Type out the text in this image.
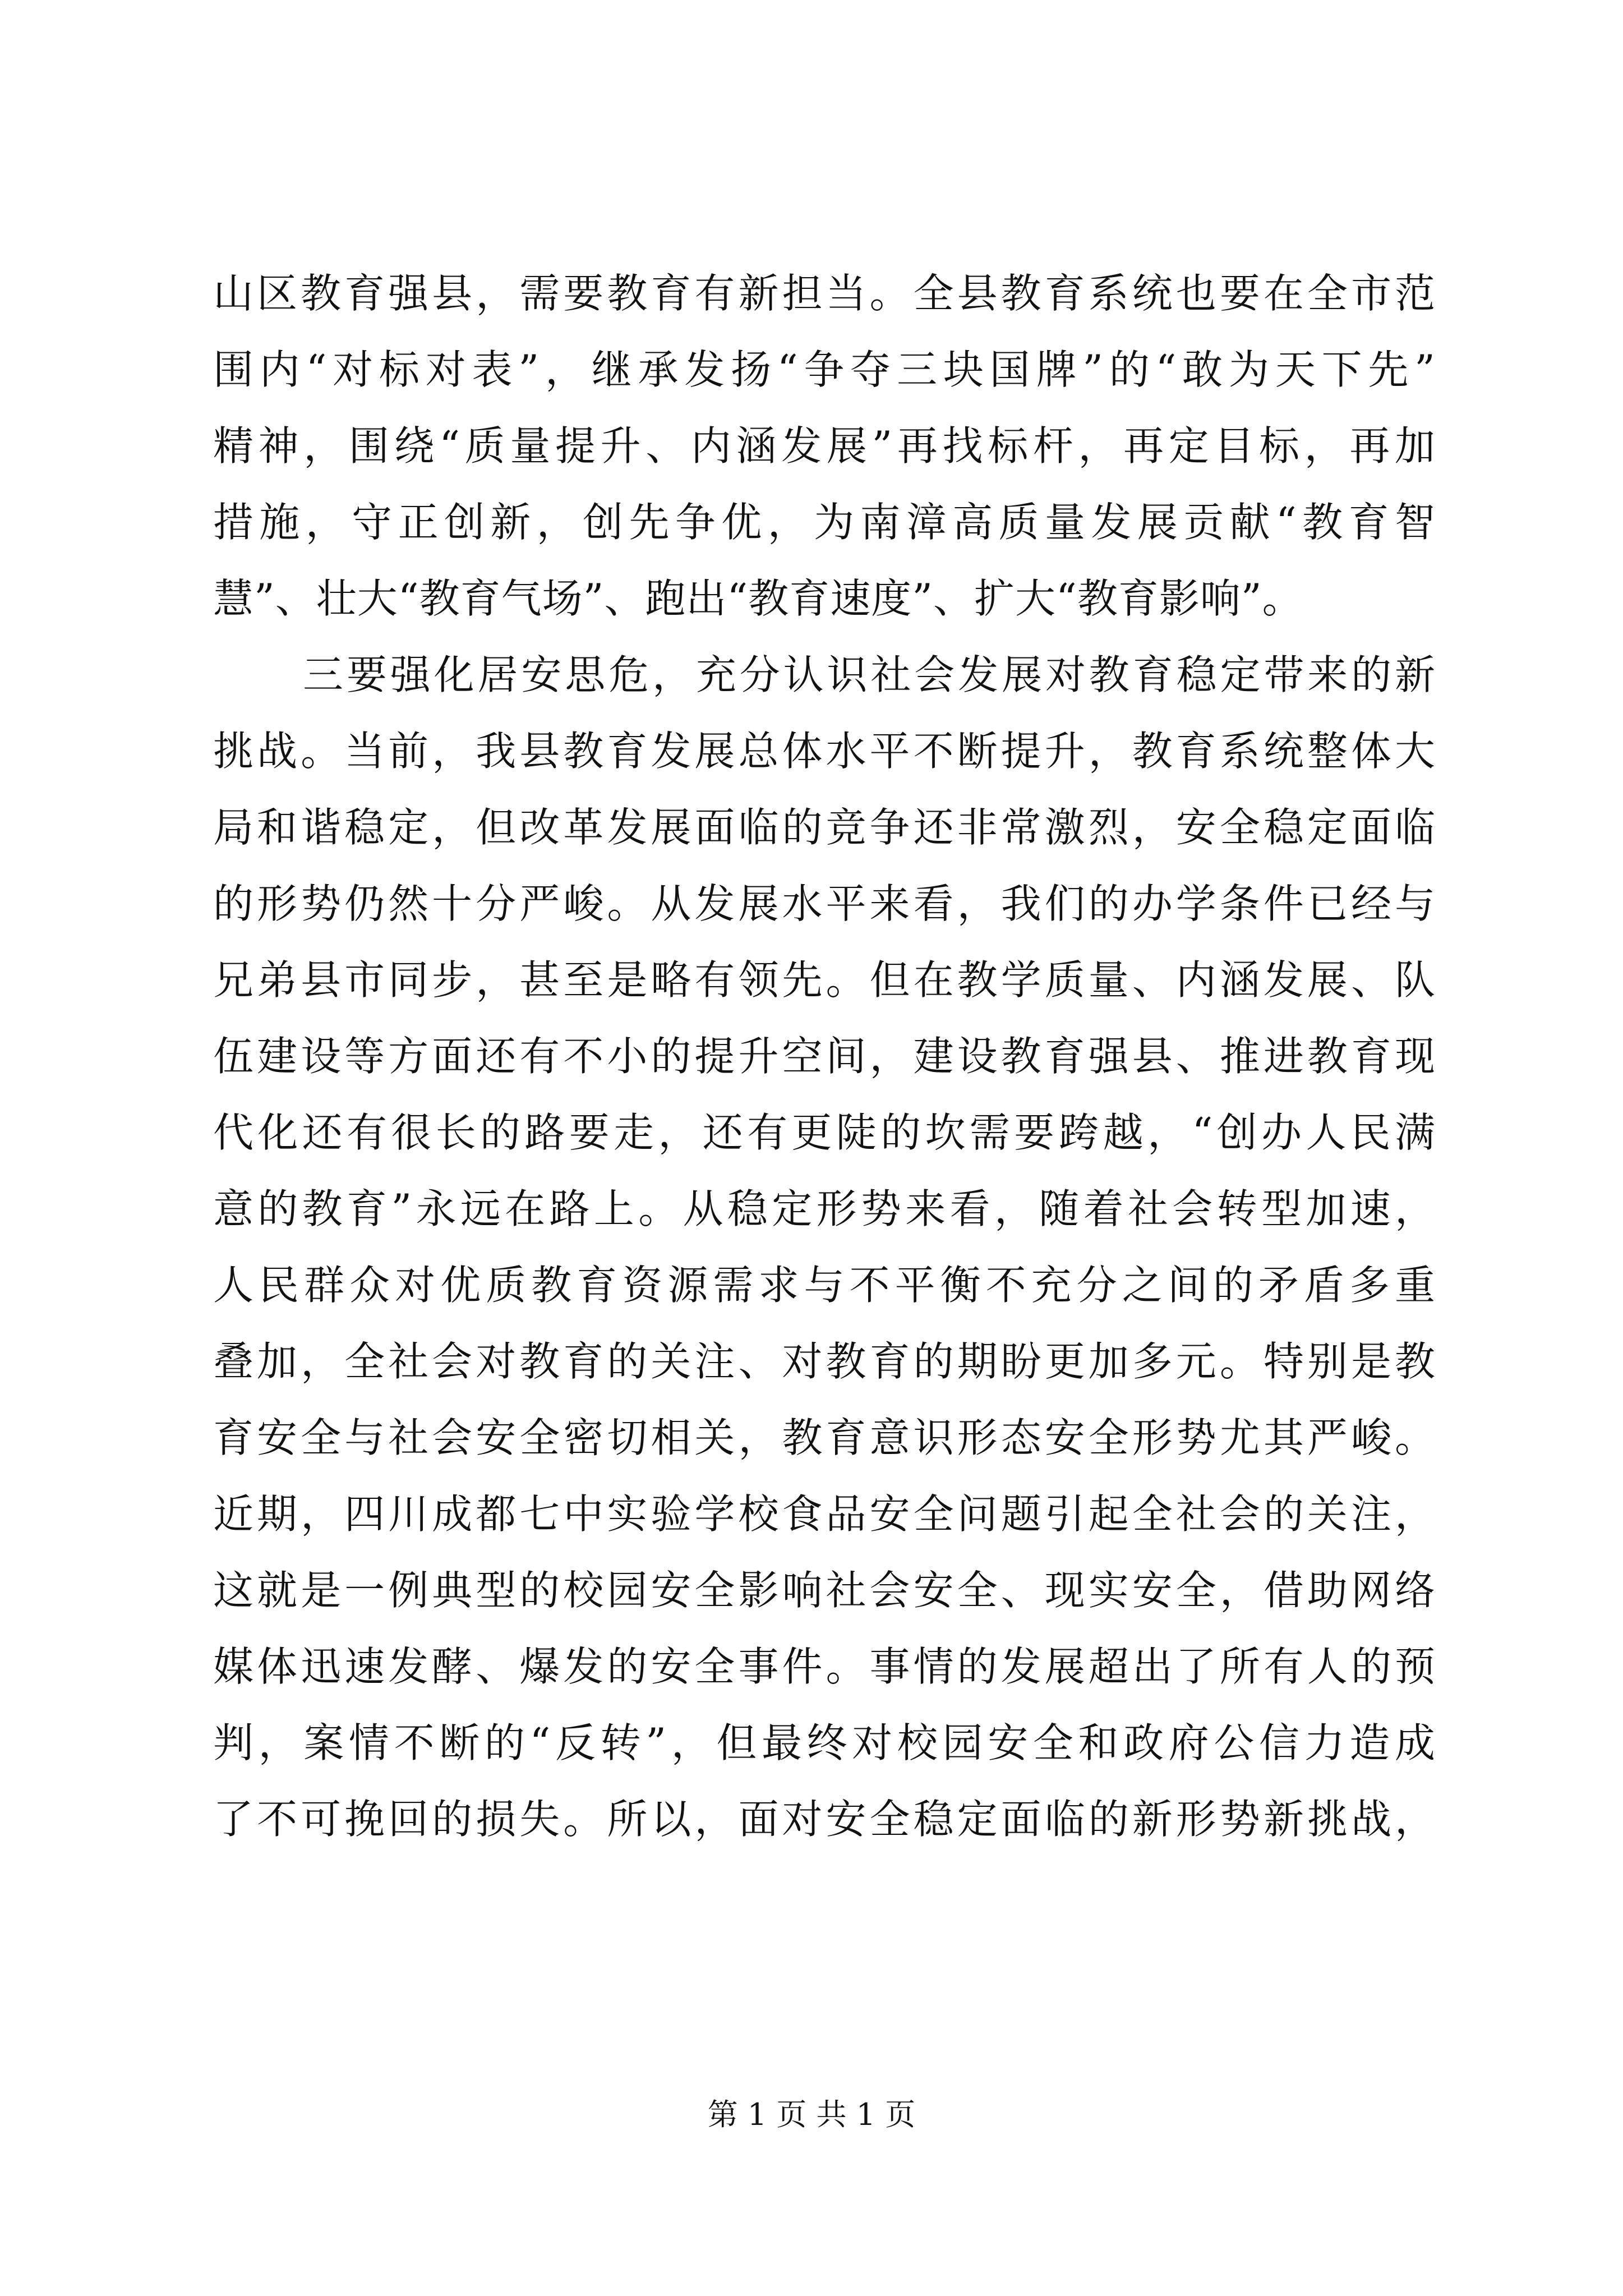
山区教育强县，需要教育有新担当。全县教育系统也要在全市范
围内“对标对表”，继承发扬“争夺三块国牌”的“敢为天下先”
精神，围绕“质量提升、内涵发展”再找标杆，再定目标，再加
措施，守正创新，创先争优，为南漳高质量发展贡献“教育智
慧”、壮大“教育气场”、跑出“教育速度”、扩大“教育影响”。
三要强化居安思危，充分认识社会发展对教育稳定带来的新
挑战。当前，我县教育发展总体水平不断提升，教育系统整体大
局和谐稳定，但改革发展面临的竞争还非常激烈，安全稳定面临
的形势仍然十分严峻。从发展水平来看，我们的办学条件已经与
兄弟县市同步，甚至是略有领先。但在教学质量、内涵发展、队
伍建设等方面还有不小的提升空间，建设教育强县、推进教育现
代化还有很长的路要走，还有更陡的坎需要跨越，“创办人民满
意的教育”永远在路上。从稳定形势来看，随着社会转型加速，
人民群众对优质教育资源需求与不平衡不充分之间的矛盾多重
叠加，全社会对教育的关注、对教育的期盼更加多元。特别是教
育安全与社会安全密切相关，教育意识形态安全形势尤其严峻。
近期，四川成都七中实验学校食品安全问题引起全社会的关注，
这就是一例典型的校园安全影响社会安全、现实安全，借助网络
媒体迅速发酵、爆发的安全事件。事情的发展超出了所有人的预
判，案情不断的“反转”，但最终对校园安全和政府公信力造成
了不可挽回的损失。所以，面对安全稳定面临的新形势新挑战，
第 1 页 共 1 页
